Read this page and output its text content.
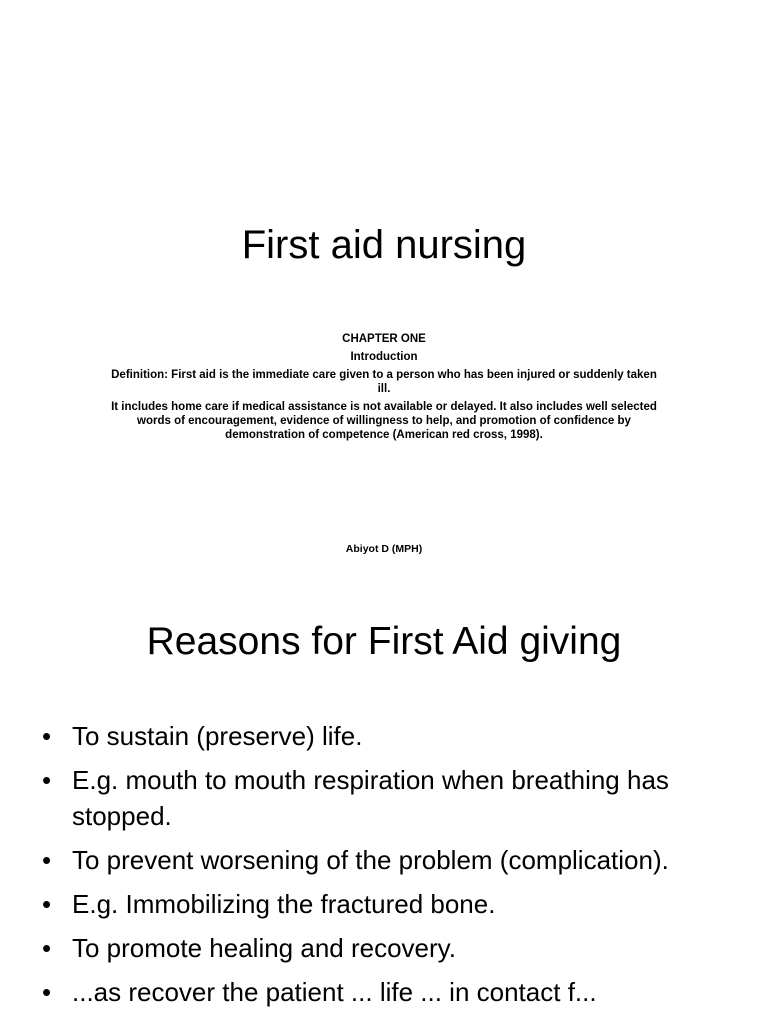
First aid nursing

CHAPTER ONE

Introduction

Definition: First aid is the immediate care given to a person who has been injured or suddenly taken ill.

It includes home care if medical assistance is not available or delayed. It also includes well selected words of encouragement, evidence of willingness to help, and promotion of confidence by demonstration of competence (American red cross, 1998).

Abiyot D (MPH)
Reasons for First Aid giving
• To sustain (preserve) life.
• E.g. mouth to mouth respiration when breathing has stopped.
• To prevent worsening of the problem (complication).
• E.g. Immobilizing the fractured bone.
• To promote healing and recovery.
• ...as recover the patient ... life ... in contact f...
